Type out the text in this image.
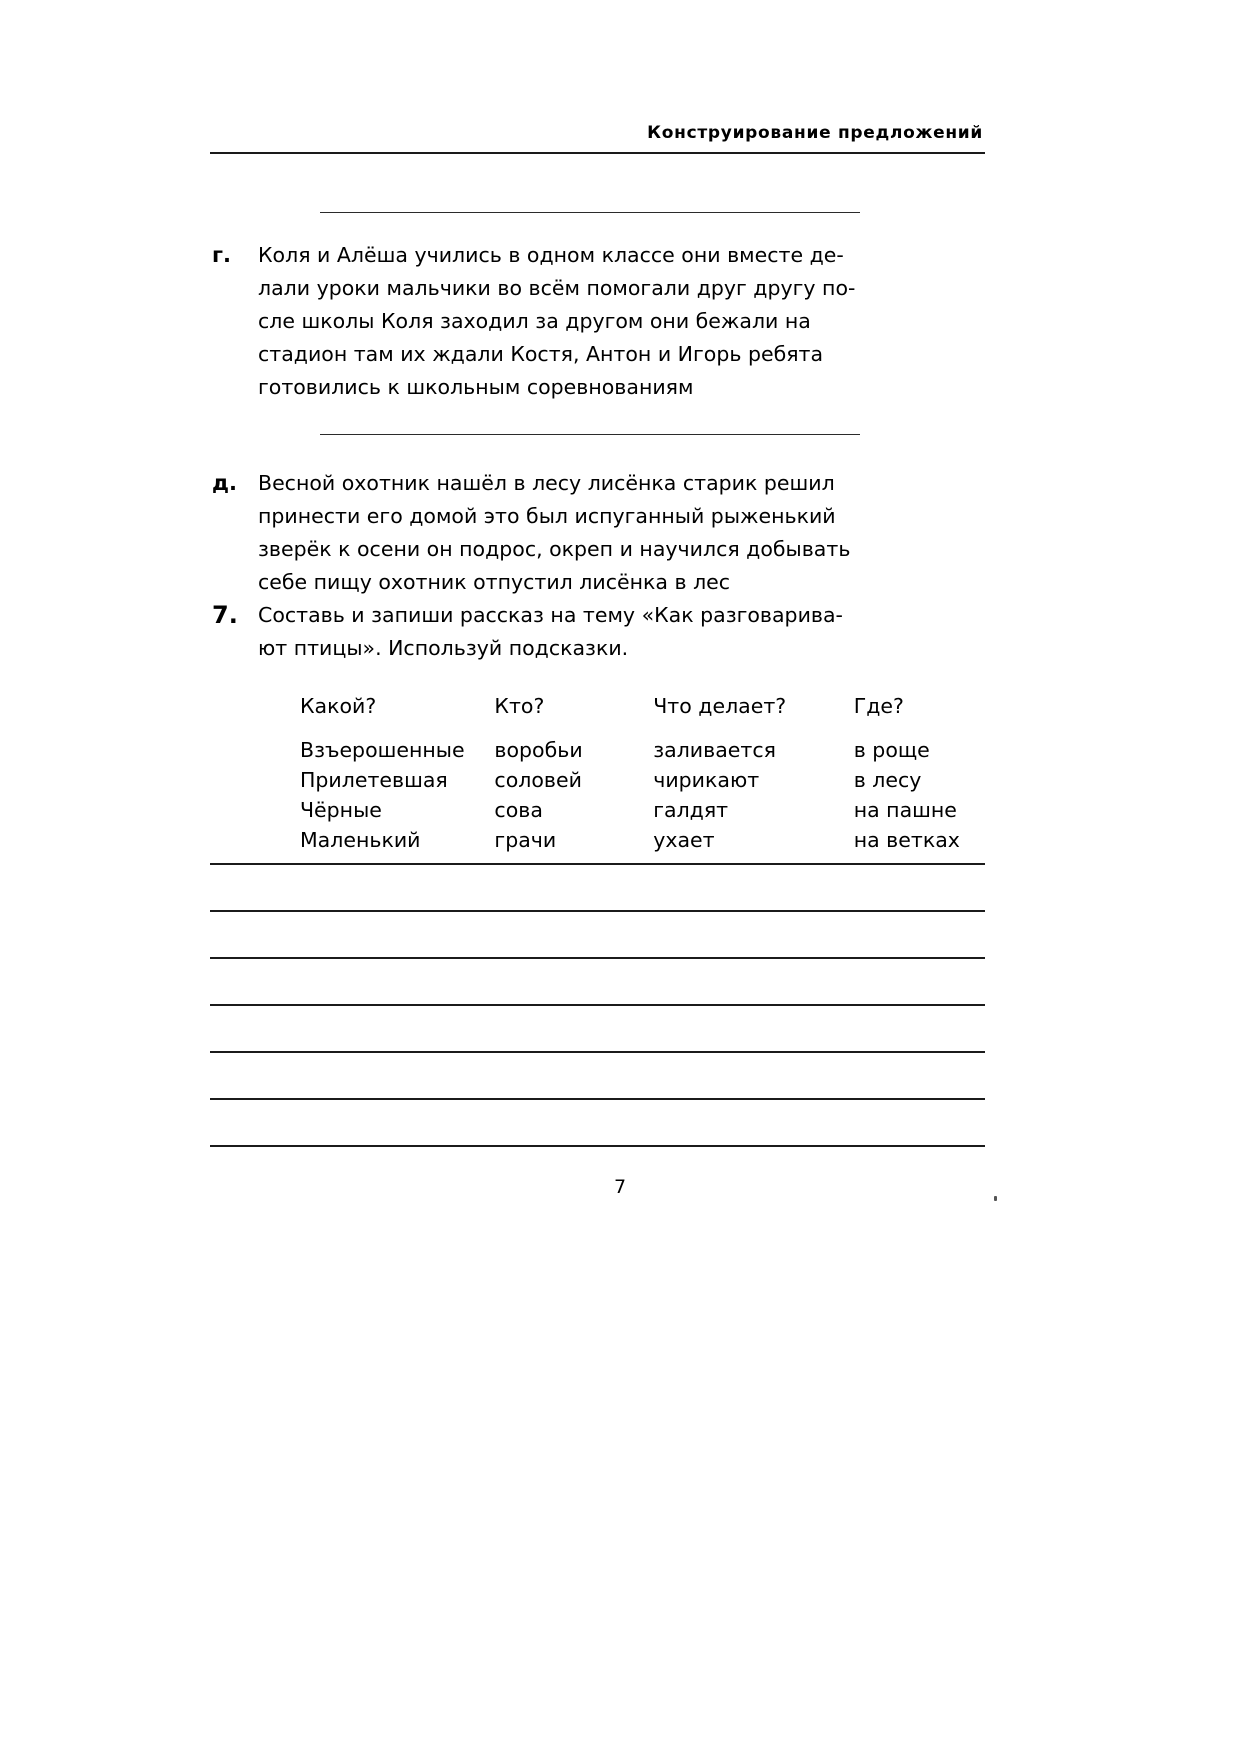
Конструирование предложений
г.	Коля и Алёша учились в одном классе они вместе де-

лали уроки мальчики во всём помогали друг другу по-

сле школы Коля заходил за другом они бежали на

стадион там их ждали Костя, Антон и Игорь ребята

готовились к школьным соревнованиям

д.	Весной охотник нашёл в лесу лисёнка старик решил

принести его домой это был испуганный рыженький

зверёк к осени он подрос, окреп и научился добывать

себе пищу охотник отпустил лисёнка в лес

7. Составь и запиши рассказ на тему «Как разговарива-

ют птицы». Используй подсказки.

Какой?	Кто?	Что делает?	Где?
Взъерошенные	воробьи	заливается	в роще
Прилетевшая	соловей	чирикают	в лесу
Чёрные	сова	галдят	на пашне
Маленький	грачи	ухает	на ветках
7
